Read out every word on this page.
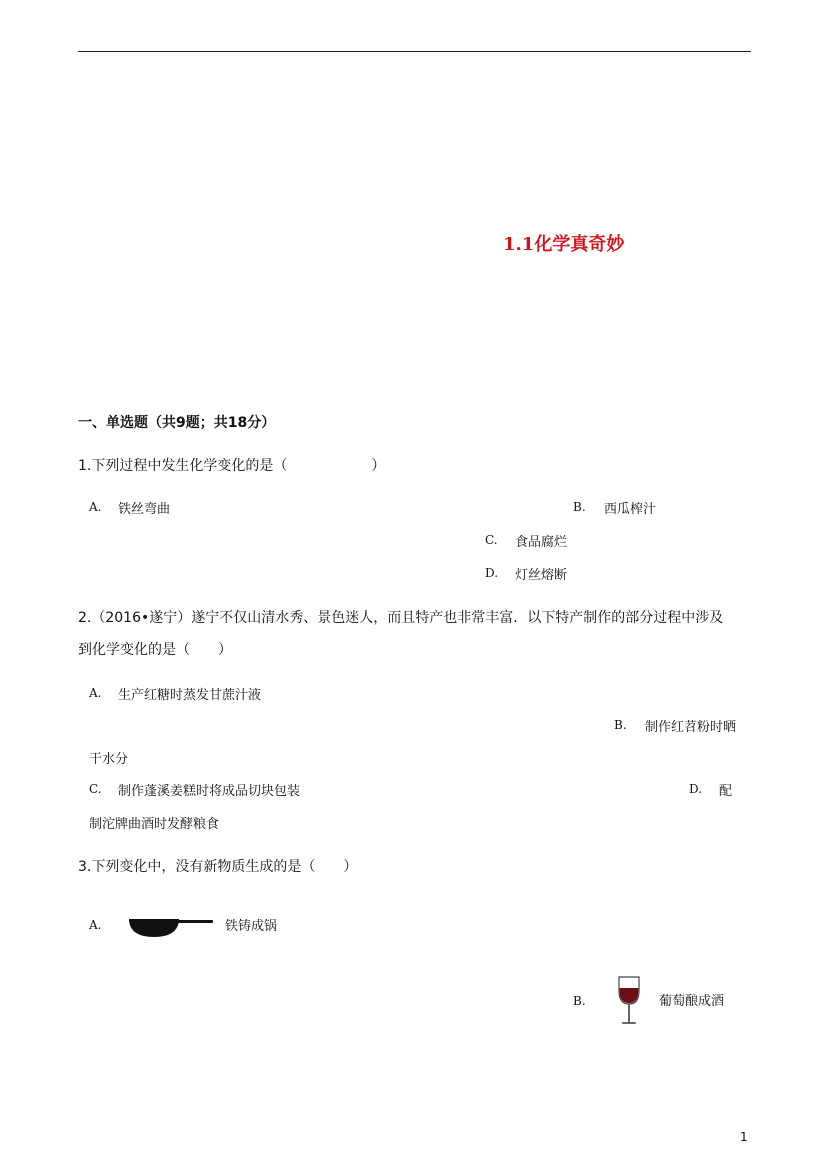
1.1化学真奇妙
一、单选题（共9题；共18分）
1.下列过程中发生化学变化的是（　　　　　　）
A. 铁丝弯曲	B. 西瓜榨汁
C. 食品腐烂
D. 灯丝熔断
2.（2016•遂宁）遂宁不仅山清水秀、景色迷人，而且特产也非常丰富．以下特产制作的部分过程中涉及
到化学变化的是（　　）
A. 生产红糖时蒸发甘蔗汁液
B. 制作红苕粉时晒
干水分
C. 制作蓬溪姜糕时将成品切块包装	D. 配
制沱牌曲酒时发酵粮食
3.下列变化中，没有新物质生成的是（　　）
A.	铁铸成锅
B.	葡萄酿成酒
1
